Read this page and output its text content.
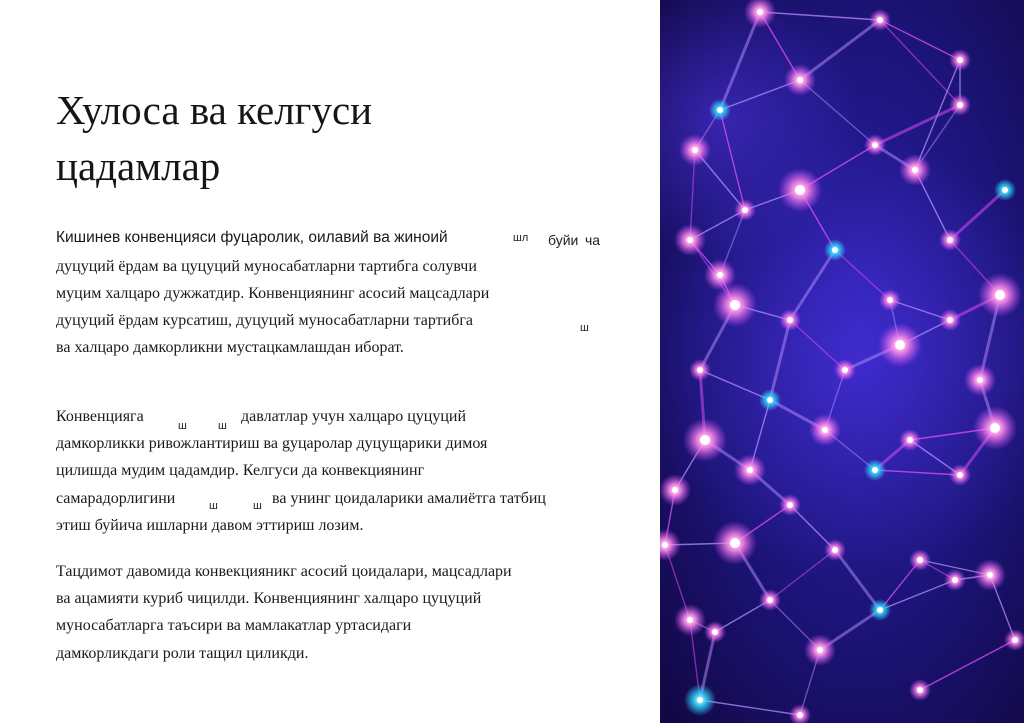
Хулоса ва келгуси
цадамлар
Кишинев конвенцияси фуцаролик, оилавий ва жиноий	шл буйи ча
дуцуций ёрдам ва цуцуций муносабатларни тартибга солувчи
муцим халцаро дужжатдир. Конвенциянинг асосий мацсадлари
дуцуций ёрдам курсатиш, дуцуций муносабатларни тартибга	ш
ва халцаро дамкорликни мустацкамлашдан иборат.
Конвенцияга
ш	ш
давлатлар учун халцаро цуцуций
дамкорликки ривожлантириш ва gуцаролар дуцущарики димоя
цилишда мудим цадамдир. Келгуси да конвекциянинг
самарадорлигини	ш	ш ва унинг цоидаларики амалиётга татбиц
этиш буйича ишларни давом эттириш лозим.
Тацдимот давомида конвекцияникг асосий цоидалари, мацсадлари
ва ацамияти куриб чицилди. Конвенциянинг халцаро цуцуций
муносабатларга таъсири ва мамлакатлар уртасидаги
дамкорликдаги роли тащил циликди.
